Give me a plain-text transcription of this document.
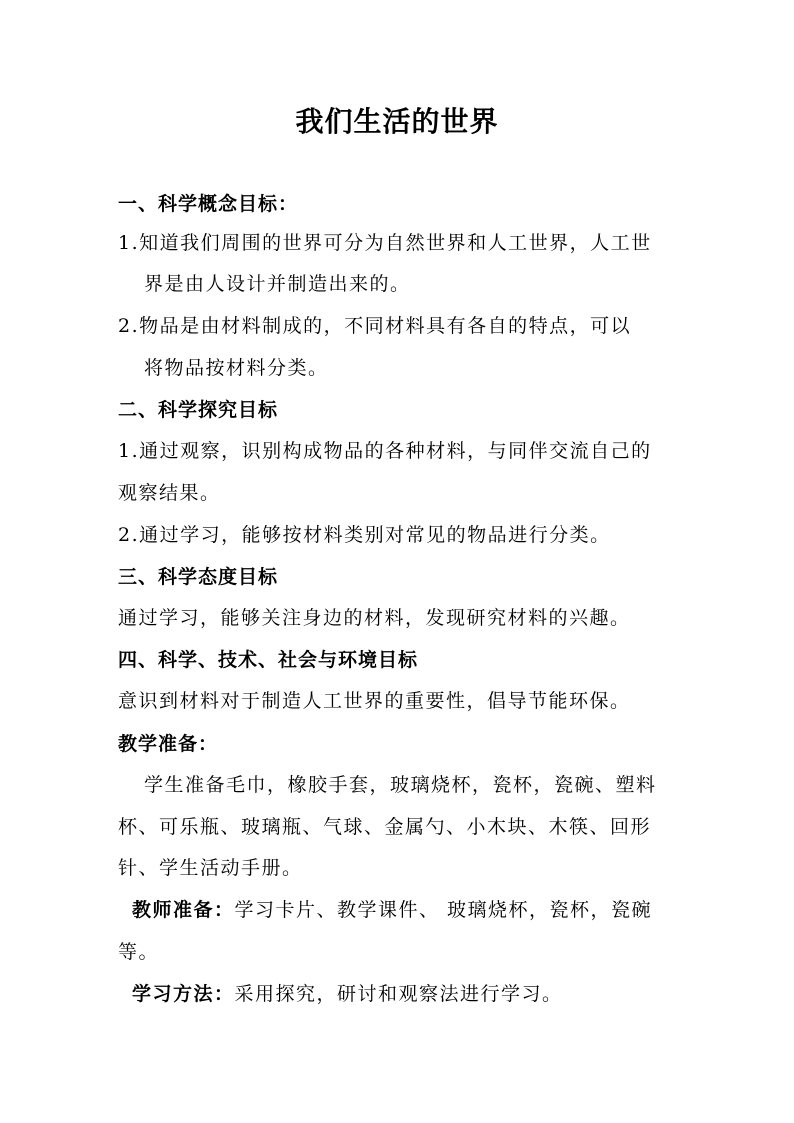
我们生活的世界
一、科学概念目标：
1.知道我们周围的世界可分为自然世界和人工世界，人工世
界是由人设计并制造出来的。
2.物品是由材料制成的，不同材料具有各自的特点，可以
将物品按材料分类。
二、科学探究目标
1.通过观察，识别构成物品的各种材料，与同伴交流自己的
观察结果。
2.通过学习，能够按材料类别对常见的物品进行分类。
三、科学态度目标
通过学习，能够关注身边的材料，发现研究材料的兴趣。
四、科学、技术、社会与环境目标
意识到材料对于制造人工世界的重要性，倡导节能环保。
教学准备：
学生准备毛巾，橡胶手套，玻璃烧杯，瓷杯，瓷碗、塑料
杯、可乐瓶、玻璃瓶、气球、金属勺、小木块、木筷、回形
针、学生活动手册。
教师准备：学习卡片、教学课件、 玻璃烧杯，瓷杯，瓷碗
等。
学习方法：采用探究，研讨和观察法进行学习。
